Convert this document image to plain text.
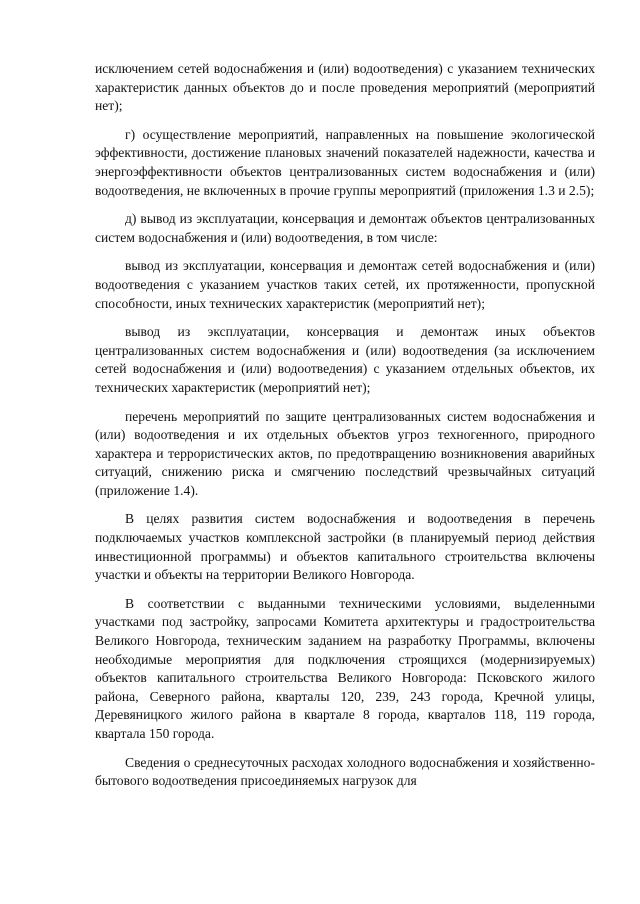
исключением сетей водоснабжения и (или) водоотведения) с указанием технических характеристик данных объектов до и после проведения мероприятий (мероприятий нет);

г) осуществление мероприятий, направленных на повышение экологической эффективности, достижение плановых значений показателей надежности, качества и энергоэффективности объектов централизованных систем водоснабжения и (или) водоотведения, не включенных в прочие группы мероприятий (приложения 1.3 и 2.5);

д) вывод из эксплуатации, консервация и демонтаж объектов централизованных систем водоснабжения и (или) водоотведения, в том числе:

вывод из эксплуатации, консервация и демонтаж сетей водоснабжения и (или) водоотведения с указанием участков таких сетей, их протяженности, пропускной способности, иных технических характеристик (мероприятий нет);

вывод из эксплуатации, консервация и демонтаж иных объектов централизованных систем водоснабжения и (или) водоотведения (за исключением сетей водоснабжения и (или) водоотведения) с указанием отдельных объектов, их технических характеристик (мероприятий нет);

перечень мероприятий по защите централизованных систем водоснабжения и (или) водоотведения и их отдельных объектов угроз техногенного, природного характера и террористических актов, по предотвращению возникновения аварийных ситуаций, снижению риска и смягчению последствий чрезвычайных ситуаций (приложение 1.4).

В целях развития систем водоснабжения и водоотведения в перечень подключаемых участков комплексной застройки (в планируемый период действия инвестиционной программы) и объектов капитального строительства включены участки и объекты на территории Великого Новгорода.

В соответствии с выданными техническими условиями, выделенными участками под застройку, запросами Комитета архитектуры и градостроительства Великого Новгорода, техническим заданием на разработку Программы, включены необходимые мероприятия для подключения строящихся (модернизируемых) объектов капитального строительства Великого Новгорода: Псковского жилого района, Северного района, кварталы 120, 239, 243 города, Кречной улицы, Деревяницкого жилого района в квартале 8 города, кварталов 118, 119 города, квартала 150 города.

Сведения о среднесуточных расходах холодного водоснабжения и хозяйственно-бытового водоотведения присоединяемых нагрузок для
